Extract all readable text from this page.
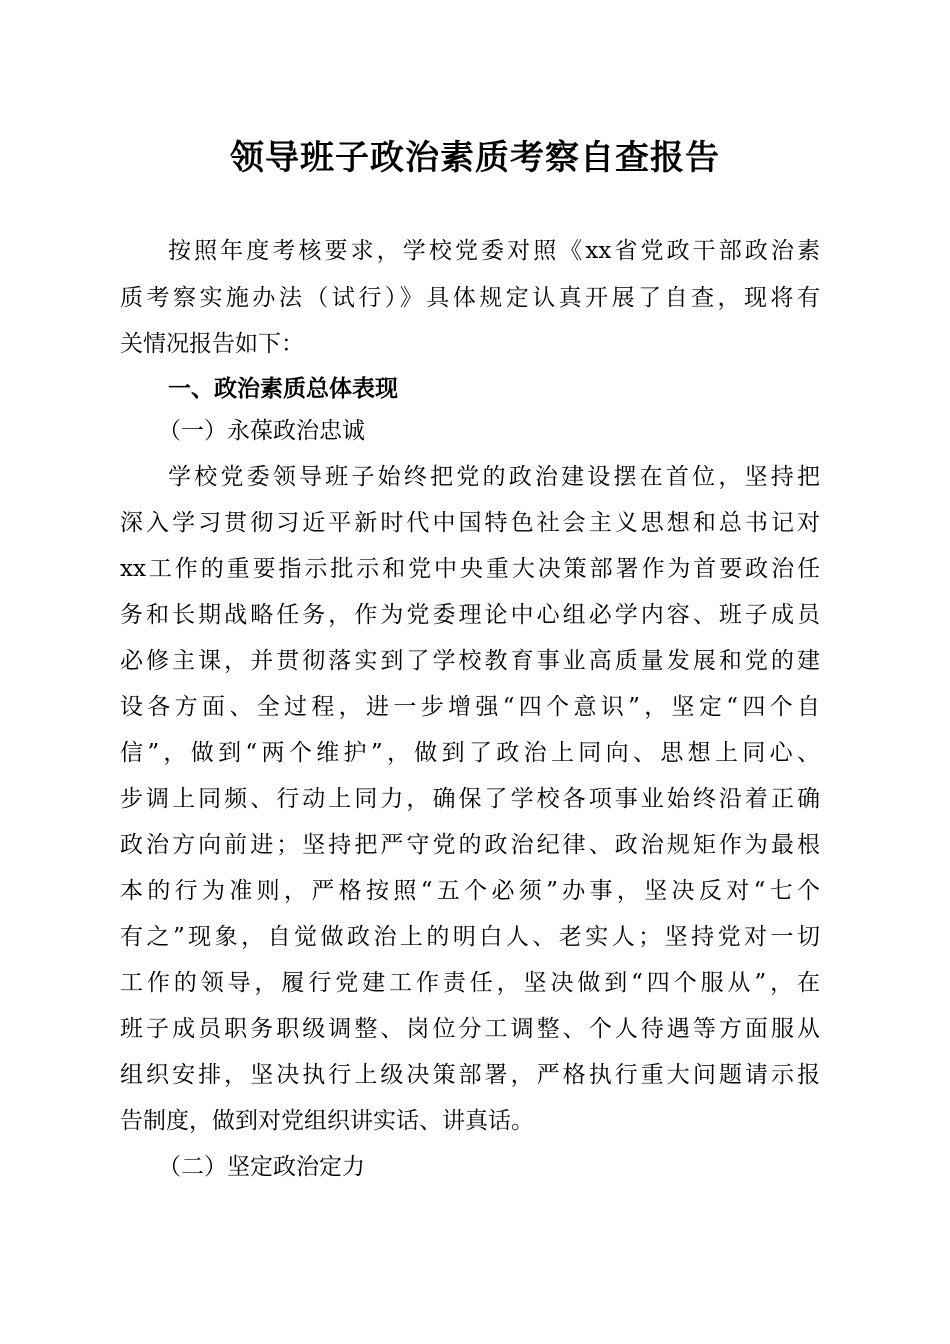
领导班子政治素质考察自查报告

按照年度考核要求，学校党委对照《xx省党政干部政治素

质考察实施办法（试行）》具体规定认真开展了自查，现将有

关情况报告如下：

一、政治素质总体表现

（一）永葆政治忠诚

学校党委领导班子始终把党的政治建设摆在首位，坚持把

深入学习贯彻习近平新时代中国特色社会主义思想和总书记对

xx工作的重要指示批示和党中央重大决策部署作为首要政治任

务和长期战略任务，作为党委理论中心组必学内容、班子成员

必修主课，并贯彻落实到了学校教育事业高质量发展和党的建

设各方面、全过程，进一步增强“四个意识”，坚定“四个自

信”，做到“两个维护”，做到了政治上同向、思想上同心、

步调上同频、行动上同力，确保了学校各项事业始终沿着正确

政治方向前进；坚持把严守党的政治纪律、政治规矩作为最根

本的行为准则，严格按照“五个必须”办事，坚决反对“七个

有之”现象，自觉做政治上的明白人、老实人；坚持党对一切

工作的领导，履行党建工作责任，坚决做到“四个服从”，在

班子成员职务职级调整、岗位分工调整、个人待遇等方面服从

组织安排，坚决执行上级决策部署，严格执行重大问题请示报

告制度，做到对党组织讲实话、讲真话。

（二）坚定政治定力
